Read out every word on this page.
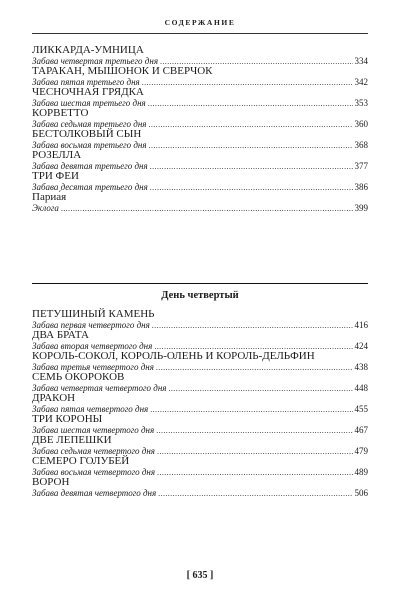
СОДЕРЖАНИЕ
ЛИККАРДА-УМНИЦА
Забава четвертая третьего дня .....	334
ТАРАКАН, МЫШОНОК И СВЕРЧОК
Забава пятая третьего дня .....	342
ЧЕСНОЧНАЯ ГРЯДКА
Забава шестая третьего дня .....	353
КОРВЕТТО
Забава седьмая третьего дня .....	360
БЕСТОЛКОВЫЙ СЫН
Забава восьмая третьего дня .....	368
РОЗЕЛЛА
Забава девятая третьего дня .....	377
ТРИ ФЕИ
Забава десятая третьего дня .....	386
Париа́я
Эклога .....	399
День четвертый
ПЕТУШИНЫЙ КАМЕНЬ
Забава первая четвертого дня .....	416
ДВА БРАТА
Забава вторая четвертого дня .....	424
КОРОЛЬ-СОКОЛ, КОРОЛЬ-ОЛЕНЬ И КОРОЛЬ-ДЕЛЬФИН
Забава третья четвертого дня .....	438
СЕМЬ ОКОРОКОВ
Забава четвертая четвертого дня .....	448
ДРАКОН
Забава пятая четвертого дня .....	455
ТРИ КОРОНЫ
Забава шестая четвертого дня .....	467
ДВЕ ЛЕПЕШКИ
Забава седьмая четвертого дня .....	479
СЕМЕРО ГОЛУБЕЙ
Забава восьмая четвертого дня .....	489
ВОРОН
Забава девятая четвертого дня .....	506
[ 635 ]
